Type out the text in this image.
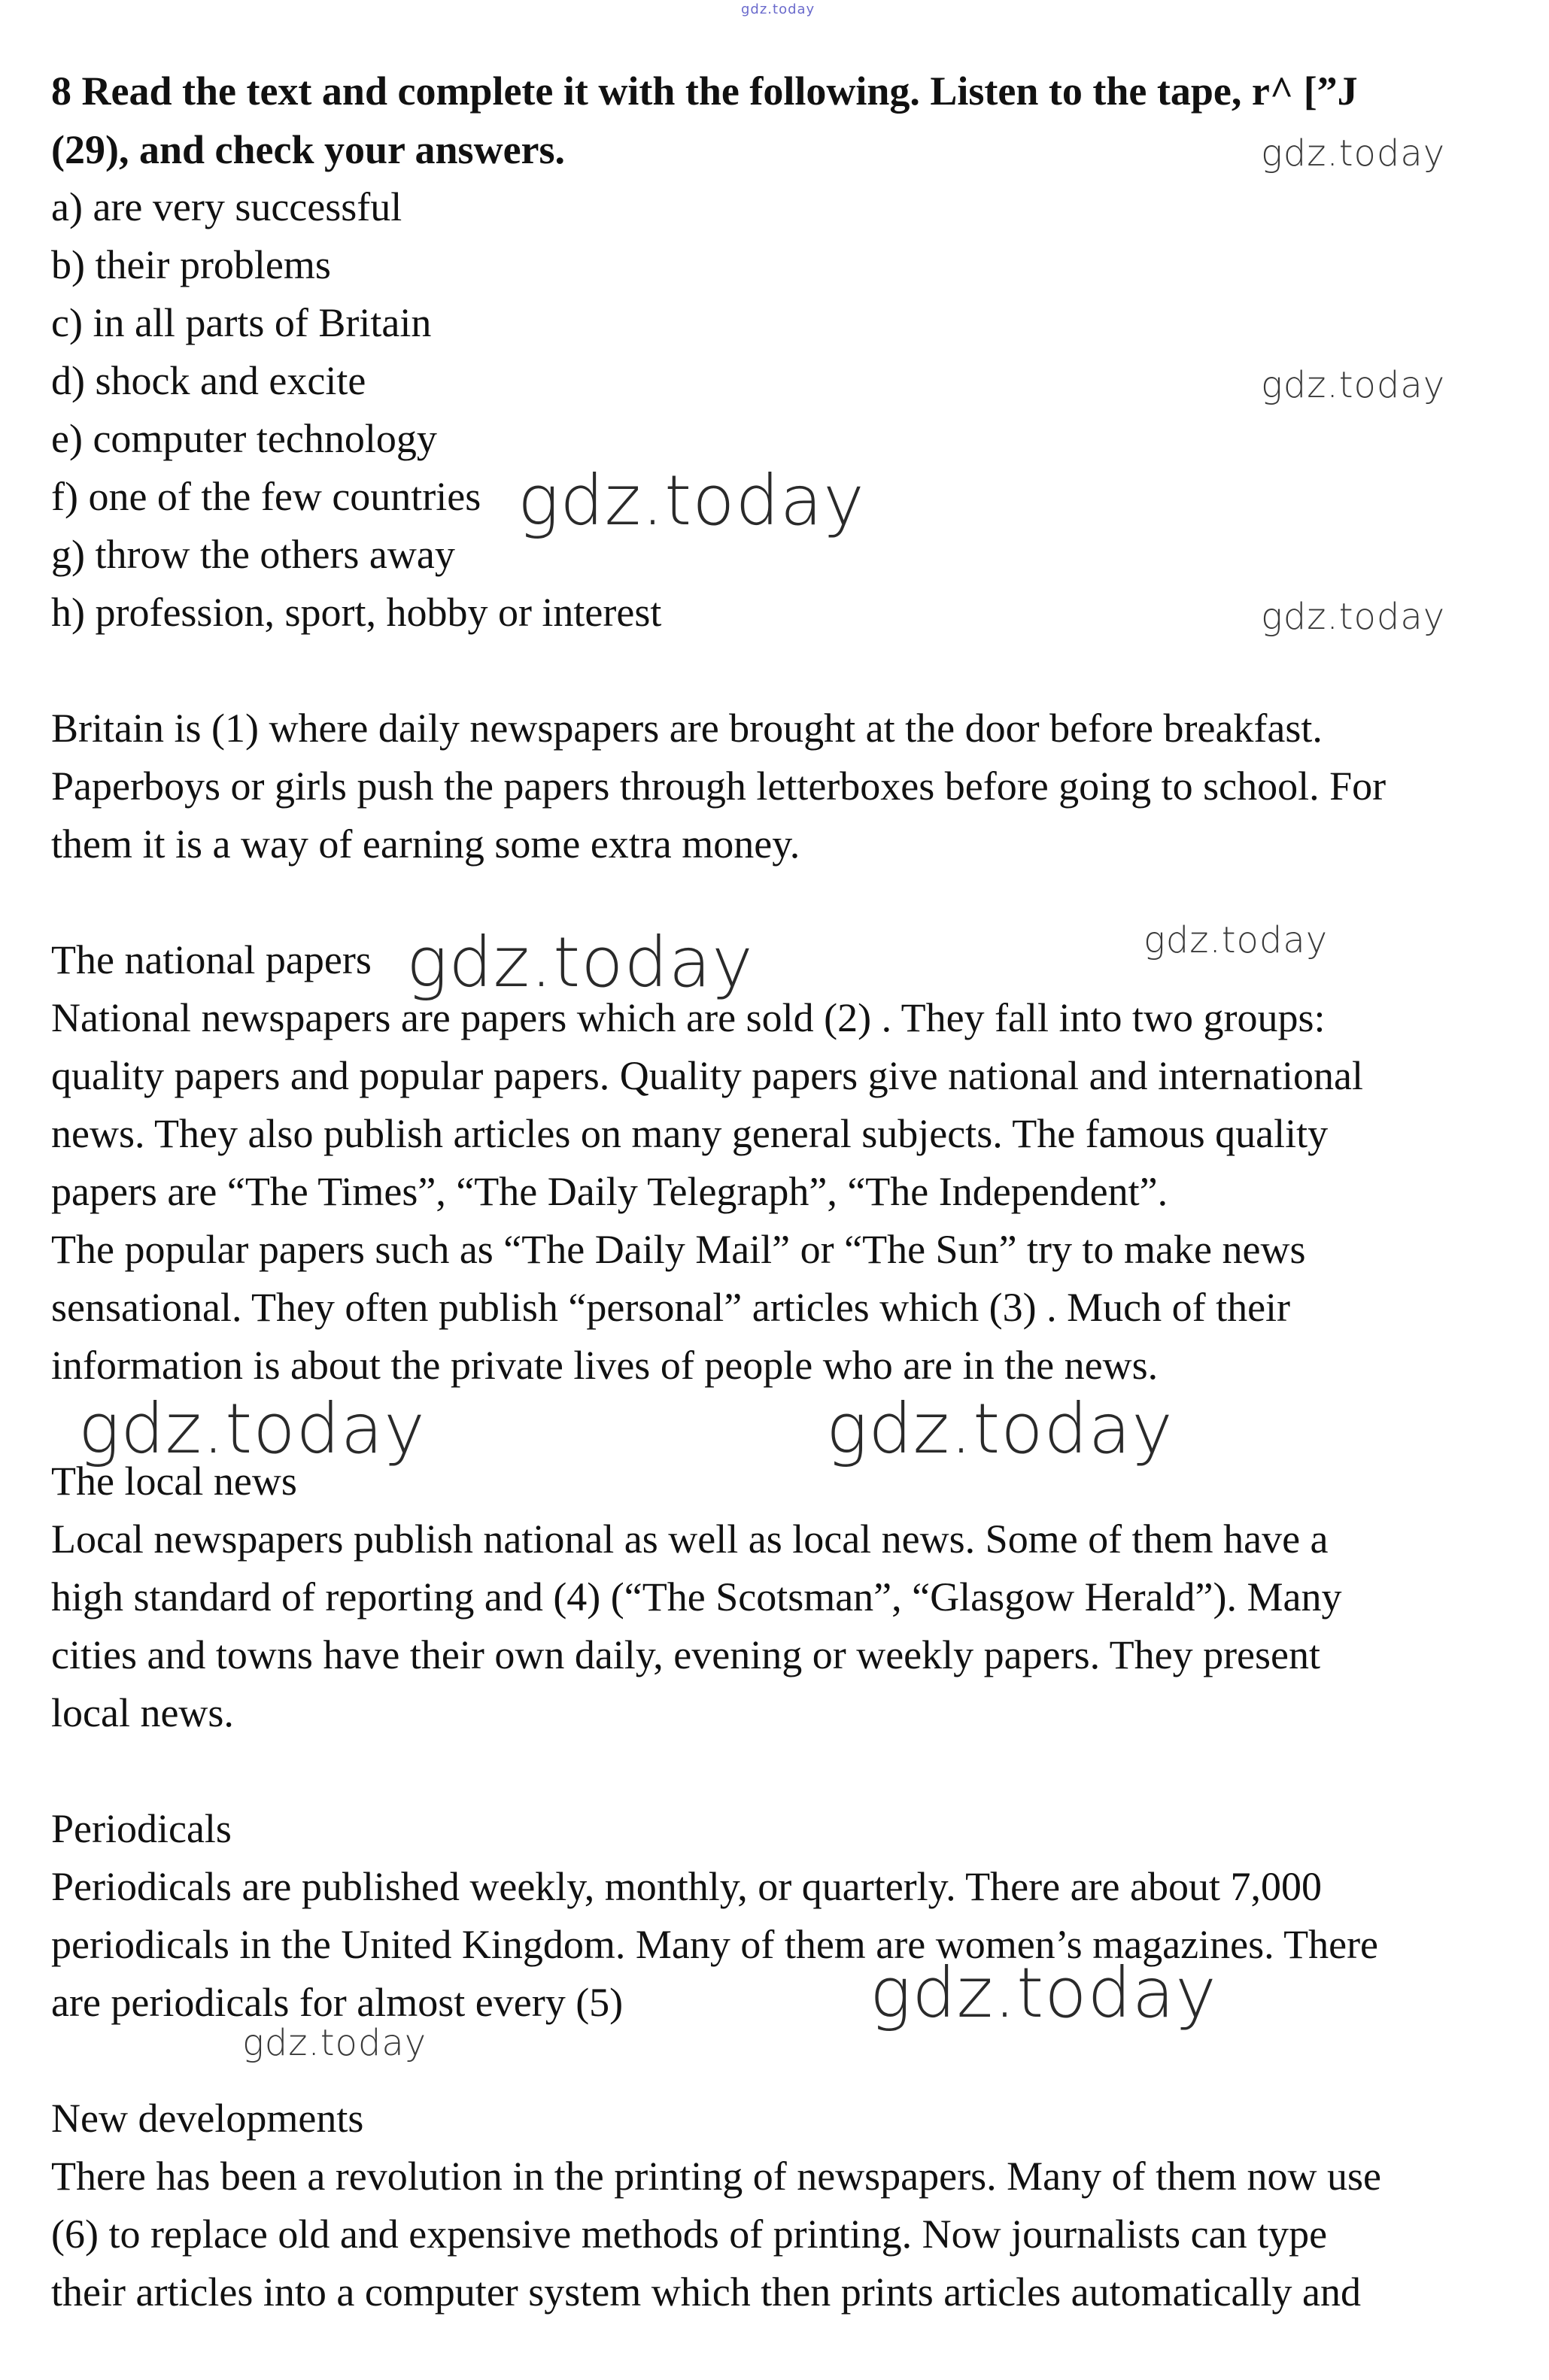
gdz.today
8 Read the text and complete it with the following. Listen to the tape, r^ [”J
(29), and check your answers.
a) are very successful
b) their problems
c) in all parts of Britain
d) shock and excite
e) computer technology
f) one of the few countries
g) throw the others away
h) profession, sport, hobby or interest
Britain is (1) where daily newspapers are brought at the door before breakfast.
Paperboys or girls push the papers through letterboxes before going to school. For
them it is a way of earning some extra money.
The national papers
National newspapers are papers which are sold (2) . They fall into two groups:
quality papers and popular papers. Quality papers give national and international
news. They also publish articles on many general subjects. The famous quality
papers are “The Times”, “The Daily Telegraph”, “The Independent”.
The popular papers such as “The Daily Mail” or “The Sun” try to make news
sensational. They often publish “personal” articles which (3) . Much of their
information is about the private lives of people who are in the news.
The local news
Local newspapers publish national as well as local news. Some of them have a
high standard of reporting and (4) (“The Scotsman”, “Glasgow Herald”). Many
cities and towns have their own daily, evening or weekly papers. They present
local news.
Periodicals
Periodicals are published weekly, monthly, or quarterly. There are about 7,000
periodicals in the United Kingdom. Many of them are women’s magazines. There
are periodicals for almost every (5)
New developments
There has been a revolution in the printing of newspapers. Many of them now use
(6) to replace old and expensive methods of printing. Now journalists can type
their articles into a computer system which then prints articles automatically and
gdz.today
gdz.today
gdz.today
gdz.today
gdz.today	gdz.today
gdz.today	gdz.today
gdz.today
gdz.today
